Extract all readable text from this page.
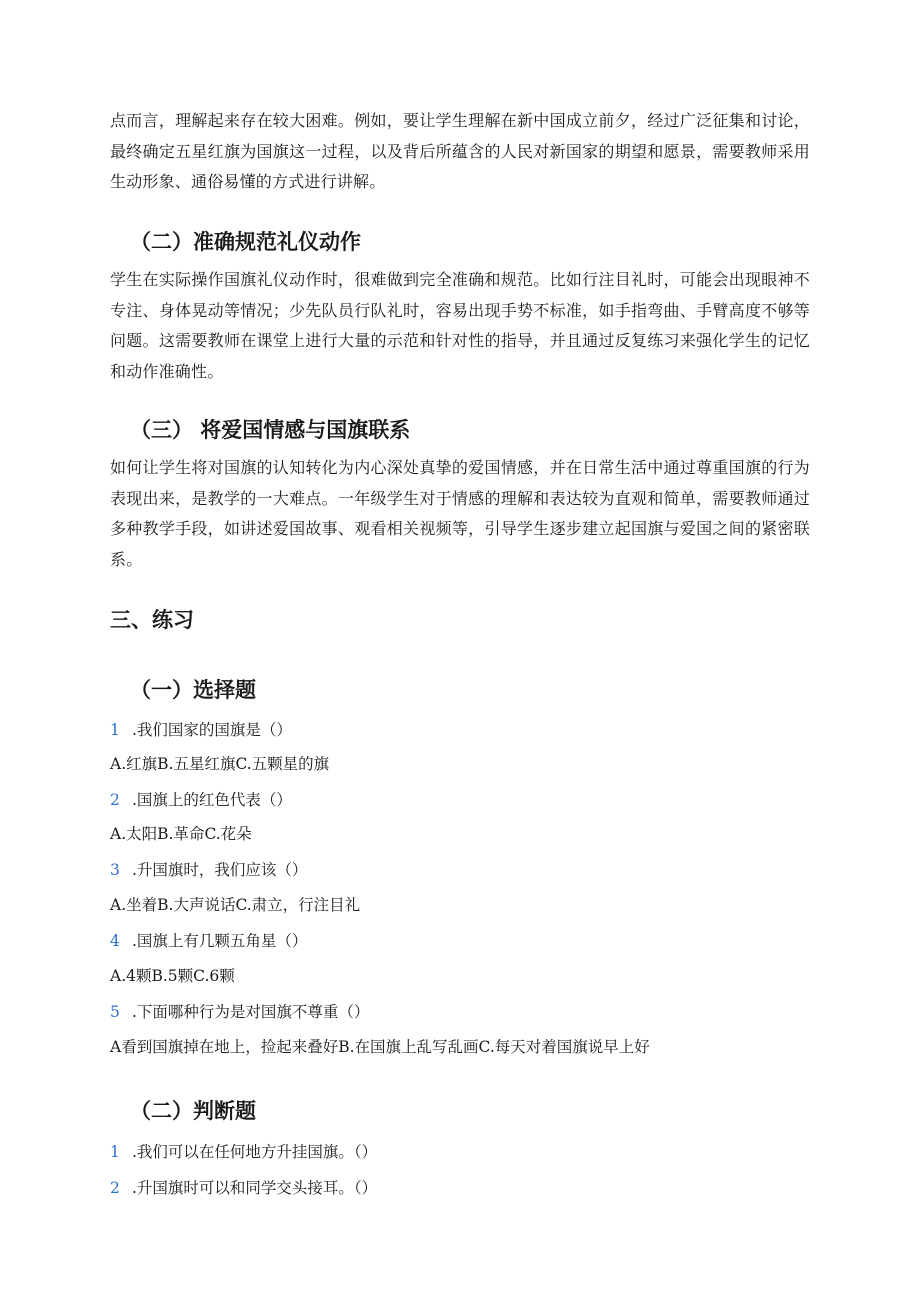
点而言，理解起来存在较大困难。例如，要让学生理解在新中国成立前夕，经过广泛征集和讨论，最终确定五星红旗为国旗这一过程，以及背后所蕴含的人民对新国家的期望和愿景，需要教师采用生动形象、通俗易懂的方式进行讲解。

（二）准确规范礼仪动作

学生在实际操作国旗礼仪动作时，很难做到完全准确和规范。比如行注目礼时，可能会出现眼神不专注、身体晃动等情况；少先队员行队礼时，容易出现手势不标准，如手指弯曲、手臂高度不够等问题。这需要教师在课堂上进行大量的示范和针对性的指导，并且通过反复练习来强化学生的记忆和动作准确性。

（三） 将爱国情感与国旗联系

如何让学生将对国旗的认知转化为内心深处真挚的爱国情感，并在日常生活中通过尊重国旗的行为表现出来，是教学的一大难点。一年级学生对于情感的理解和表达较为直观和简单，需要教师通过多种教学手段，如讲述爱国故事、观看相关视频等，引导学生逐步建立起国旗与爱国之间的紧密联系。

三、练习
（一）选择题
1 .我们国家的国旗是（）
A.红旗B.五星红旗C.五颗星的旗
2 .国旗上的红色代表（）
A.太阳B.革命C.花朵
3 .升国旗时，我们应该（）
A.坐着B.大声说话C.肃立，行注目礼
4 .国旗上有几颗五角星（）
A.4颗B.5颗C.6颗
5 .下面哪种行为是对国旗不尊重（）
A看到国旗掉在地上，捡起来叠好B.在国旗上乱写乱画C.每天对着国旗说早上好
（二）判断题
1 .我们可以在任何地方升挂国旗。（）
2 .升国旗时可以和同学交头接耳。（）
